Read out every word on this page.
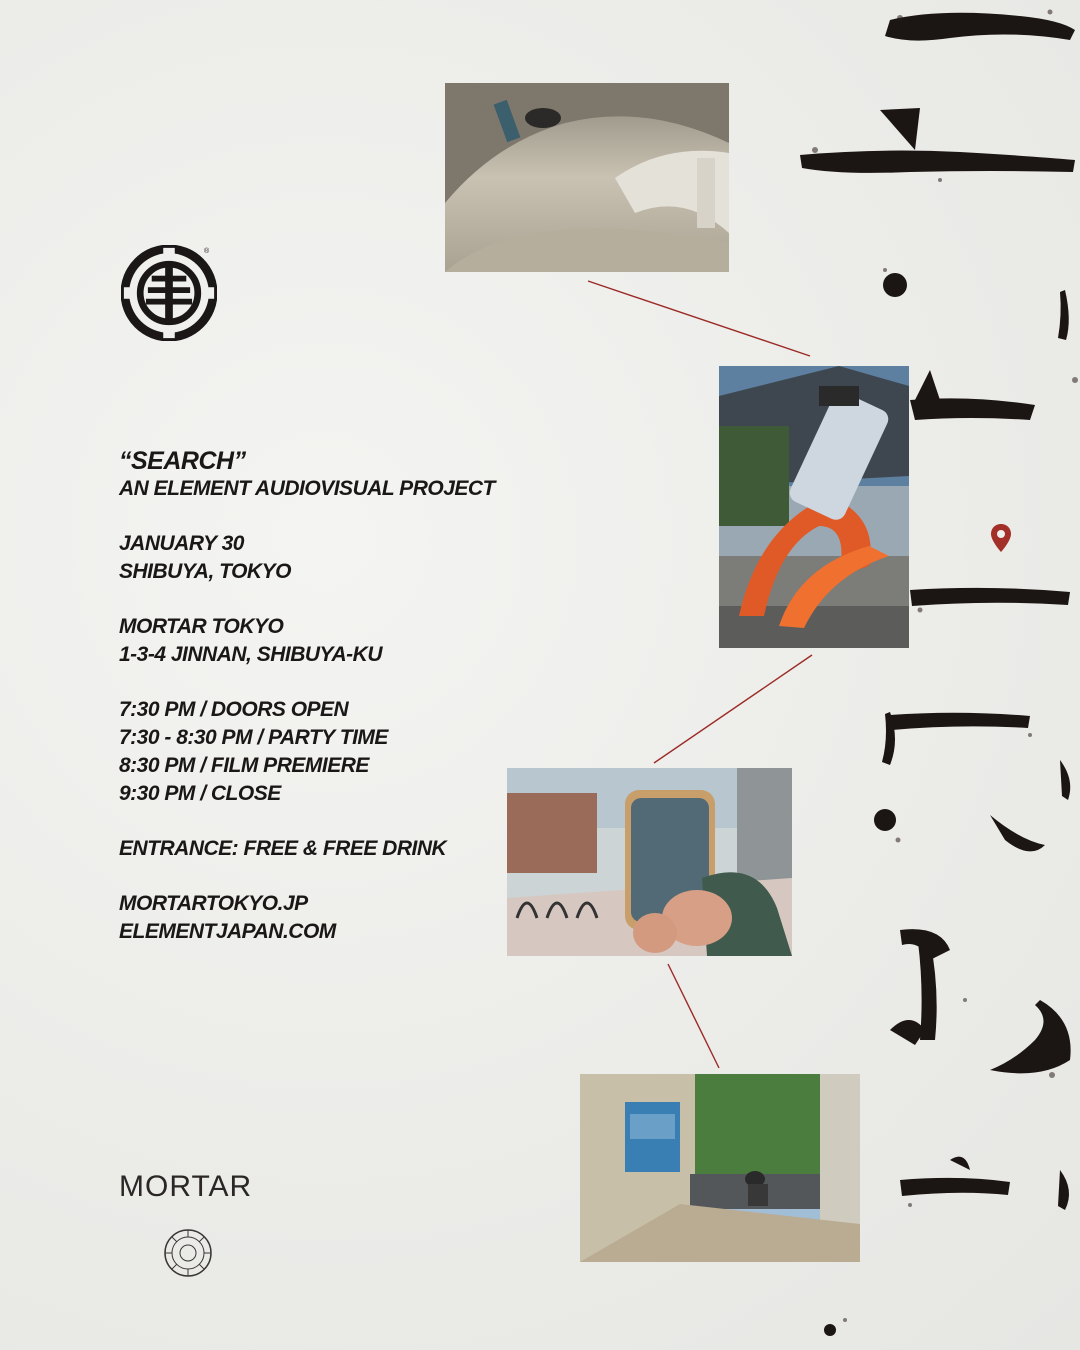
®
“SEARCH”
AN ELEMENT AUDIOVISUAL PROJECT
JANUARY 30
SHIBUYA, TOKYO
MORTAR TOKYO
1-3-4 JINNAN, SHIBUYA-KU
7:30 PM / DOORS OPEN
7:30 - 8:30 PM / PARTY TIME
8:30 PM / FILM PREMIERE
9:30 PM / CLOSE
ENTRANCE: FREE & FREE DRINK
MORTARTOKYO.JP
ELEMENTJAPAN.COM
MORTAR
